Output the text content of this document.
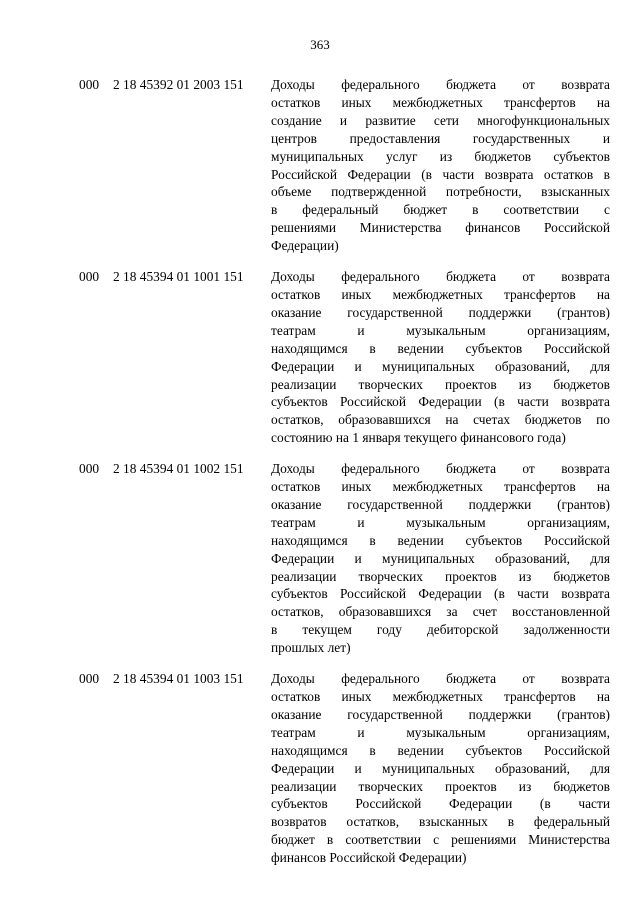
363
000	2 18 45392 01 2003 151	Доходы федерального бюджета от возврата
остатков иных межбюджетных трансфертов на
создание и развитие сети многофункциональных
центров предоставления государственных и
муниципальных услуг из бюджетов субъектов
Российской Федерации (в части возврата остатков в
объеме подтвержденной потребности, взысканных
в федеральный бюджет в соответствии с
решениями Министерства финансов Российской
Федерации)
000	2 18 45394 01 1001 151	Доходы федерального бюджета от возврата
остатков иных межбюджетных трансфертов на
оказание государственной поддержки (грантов)
театрам и музыкальным организациям,
находящимся в ведении субъектов Российской
Федерации и муниципальных образований, для
реализации творческих проектов из бюджетов
субъектов Российской Федерации (в части возврата
остатков, образовавшихся на счетах бюджетов по
состоянию на 1 января текущего финансового года)
000	2 18 45394 01 1002 151	Доходы федерального бюджета от возврата
остатков иных межбюджетных трансфертов на
оказание государственной поддержки (грантов)
театрам и музыкальным организациям,
находящимся в ведении субъектов Российской
Федерации и муниципальных образований, для
реализации творческих проектов из бюджетов
субъектов Российской Федерации (в части возврата
остатков, образовавшихся за счет восстановленной
в текущем году дебиторской задолженности
прошлых лет)
000	2 18 45394 01 1003 151	Доходы федерального бюджета от возврата
остатков иных межбюджетных трансфертов на
оказание государственной поддержки (грантов)
театрам и музыкальным организациям,
находящимся в ведении субъектов Российской
Федерации и муниципальных образований, для
реализации творческих проектов из бюджетов
субъектов Российской Федерации (в части
возвратов остатков, взысканных в федеральный
бюджет в соответствии с решениями Министерства
финансов Российской Федерации)
